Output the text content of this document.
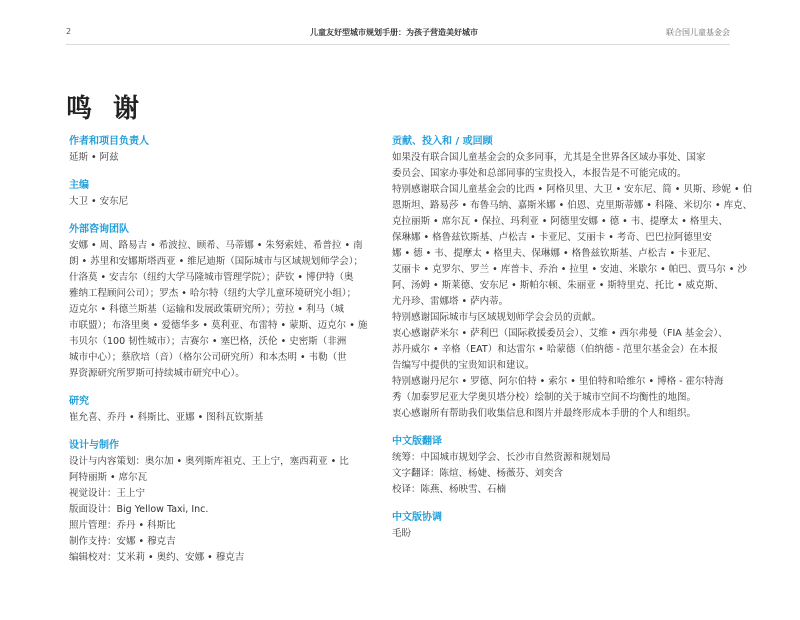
2	儿童友好型城市规划手册：为孩子营造美好城市	联合国儿童基金会
鸣 谢
作者和项目负责人

延斯 • 阿兹

主编

大卫 • 安东尼

外部咨询团队

安娜 • 周、路易吉 • 希波拉、顾希、马蒂娜 • 朱努索娃、希普拉 • 南
朗 • 苏里和安娜斯塔西亚 • 维尼迪斯（国际城市与区域规划师学会）；
什洛莫 • 安吉尔（纽约大学马隆城市管理学院）；萨钦 • 博伊特（奥
雅纳工程顾问公司）；罗杰 • 哈尔特（纽约大学儿童环境研究小组）；
迈克尔 • 科德兰斯基（运输和发展政策研究所）；劳拉 • 利马（城
市联盟）；布洛里奥 • 爱德华多 • 莫利亚、布雷特 • 蒙斯、迈克尔 • 施
韦贝尔（100 韧性城市）；吉赛尔 • 塞巴格，沃伦 • 史密斯（非洲
城市中心）；蔡欣培（音）（格尔公司研究所）和本杰明 • 韦勒（世
界资源研究所罗斯可持续城市研究中心）。

研究

崔允喜、乔丹 • 科斯比、亚娜 • 图科瓦钦斯基

设计与制作

设计与内容策划：奥尔加 • 奥列斯库祖克、王上宁，塞西莉亚 • 比
阿特丽斯 • 席尔瓦
视觉设计：王上宁
版面设计：Big Yellow Taxi, Inc.
照片管理：乔丹 • 科斯比
制作支持：安娜 • 穆克吉
编辑校对：艾米莉 • 奥约、安娜 • 穆克吉

贡献、投入和 / 或回顾

如果没有联合国儿童基金会的众多同事，尤其是全世界各区域办事处、国家
委员会、国家办事处和总部同事的宝贵投入，本报告是不可能完成的。

特别感谢联合国儿童基金会的比西 • 阿格贝里、大卫 • 安东尼、简 • 贝斯、珍妮 • 伯
恩斯坦、路易莎 • 布鲁马纳、嘉斯米娜 • 伯恩、克里斯蒂娜 • 科隆、米切尔 • 库克、
克拉丽斯 • 席尔瓦 • 保拉、玛利亚 • 阿德里安娜 • 德 • 韦、提摩太 • 格里夫、
保琳娜 • 格鲁兹钦斯基、卢松吉 • 卡亚尼、艾丽卡 • 考奇、巴巴拉阿德里安
娜 • 德 • 韦、提摩太 • 格里夫、保琳娜 • 格鲁兹钦斯基、卢松吉 • 卡亚尼、
艾丽卡 • 克罗尔、罗兰 • 库普卡、乔治 • 拉里 • 安迪、米歇尔 • 帕巴、贾马尔 • 沙
阿、汤姆 • 斯莱德、安东尼 • 斯帕尔顿、朱丽亚 • 斯特里克、托比 • 威克斯、
尤丹珍、雷娜塔 • 萨内蒂。

特别感谢国际城市与区域规划师学会会员的贡献。

衷心感谢萨米尔 • 萨利巴（国际救援委员会）、艾维 • 西尔弗曼（FIA 基金会）、
苏丹威尔 • 辛格（EAT）和达雷尔 • 哈蒙德（伯纳德 - 范里尔基金会）在本报
告编写中提供的宝贵知识和建议。

特别感谢丹尼尔 • 罗德、阿尔伯特 • 索尔 • 里伯特和哈维尔 • 博格 - 霍尔特海
秀（加泰罗尼亚大学奥贝塔分校）绘制的关于城市空间不均衡性的地图。

衷心感谢所有帮助我们收集信息和图片并最终形成本手册的个人和组织。

中文版翻译

统筹：中国城市规划学会、长沙市自然资源和规划局
文字翻译：陈煊、杨婕、杨薇芬、刘奕含
校译：陈燕、杨映雪、石楠

中文版协调

毛盼
